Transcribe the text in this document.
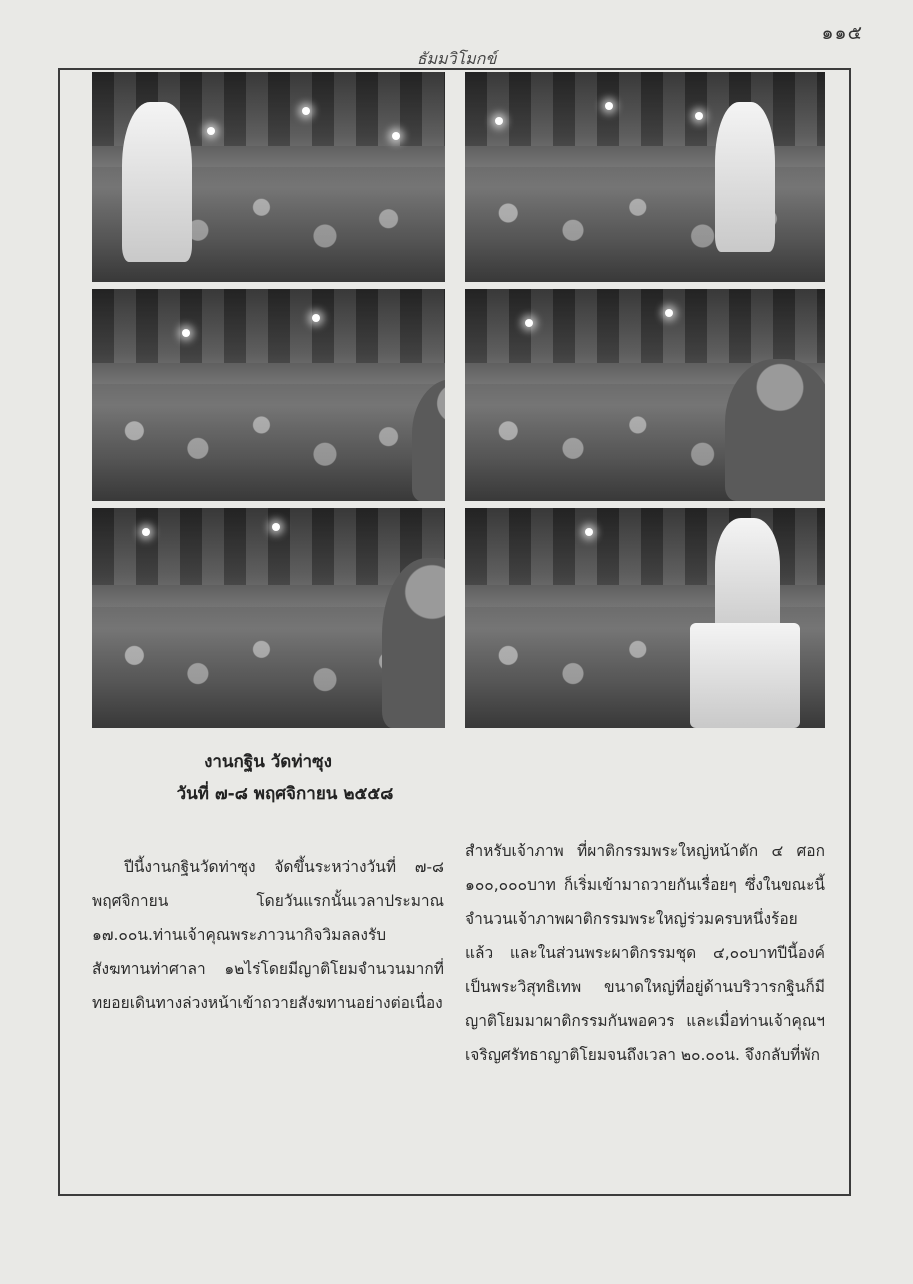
๑๑๕
ธัมมวิโมกข์
งานกฐิน วัดท่าซุง
วันที่ ๗-๘ พฤศจิกายน ๒๕๕๘

ปีนี้งานกฐินวัดท่าซุง จัดขึ้นระหว่างวันที่ ๗-๘ พฤศจิกายน โดยวันแรกนั้นเวลาประมาณ ๑๗.๐๐น.ท่านเจ้าคุณพระภาวนากิจวิมลลงรับสังฆทานท่าศาลา ๑๒ไร่โดยมีญาติโยมจำนวนมากที่ทยอยเดินทางล่วงหน้าเข้าถวายสังฆทานอย่างต่อเนื่อง

สำหรับเจ้าภาพ ที่ผาติกรรมพระใหญ่หน้าตัก ๔ ศอก ๑๐๐,๐๐๐บาท ก็เริ่มเข้ามาถวายกันเรื่อยๆ ซึ่งในขณะนี้ จำนวนเจ้าภาพผาติกรรมพระใหญ่ร่วมครบหนึ่งร้อยแล้ว และในส่วนพระผาติกรรมชุด ๔,๐๐บาทปีนี้องค์เป็นพระวิสุทธิเทพ ขนาดใหญ่ที่อยู่ด้านบริวารกฐินก็มีญาติโยมมาผาติกรรมกันพอควร และเมื่อท่านเจ้าคุณฯเจริญศรัทธาญาติโยมจนถึงเวลา ๒๐.๐๐น. จึงกลับที่พัก
